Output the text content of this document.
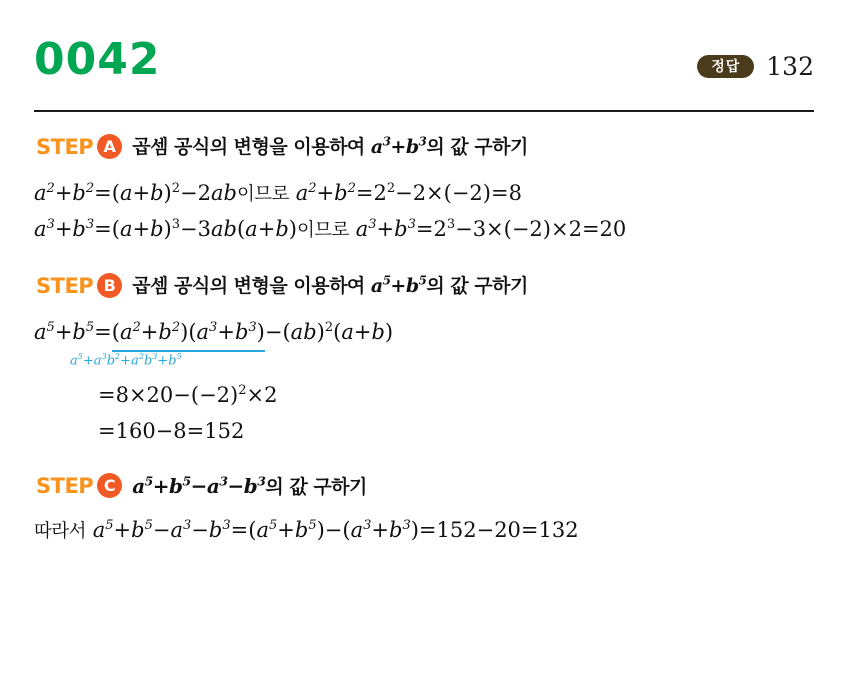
0042	정답	132
STEP A 곱셈 공식의 변형을 이용하여 $a^3+b^3$의 값 구하기
$a^2+b^2=(a+b)^2-2ab$이므로 $a^2+b^2=2^2-2\times(-2)=8$
$a^3+b^3=(a+b)^3-3ab(a+b)$이므로 $a^3+b^3=2^3-3\times(-2)\times 2=20$
STEP B 곱셈 공식의 변형을 이용하여 $a^5+b^5$의 값 구하기
$a^5+b^5=(a^2+b^2)(a^3+b^3)$
−(ab)$^2$(a+b)
$a^5+a^3b^2+a^2b^3+b^5$
$=8\times 20-(-2)^2\times 2$
=160−8=152
STEP C $a^5+b^5-a^3-b^3$의 값 구하기
따라서 $a^5+b^5-a^3-b^3=(a^5+b^5)-(a^3+b^3)=152-20=132$
